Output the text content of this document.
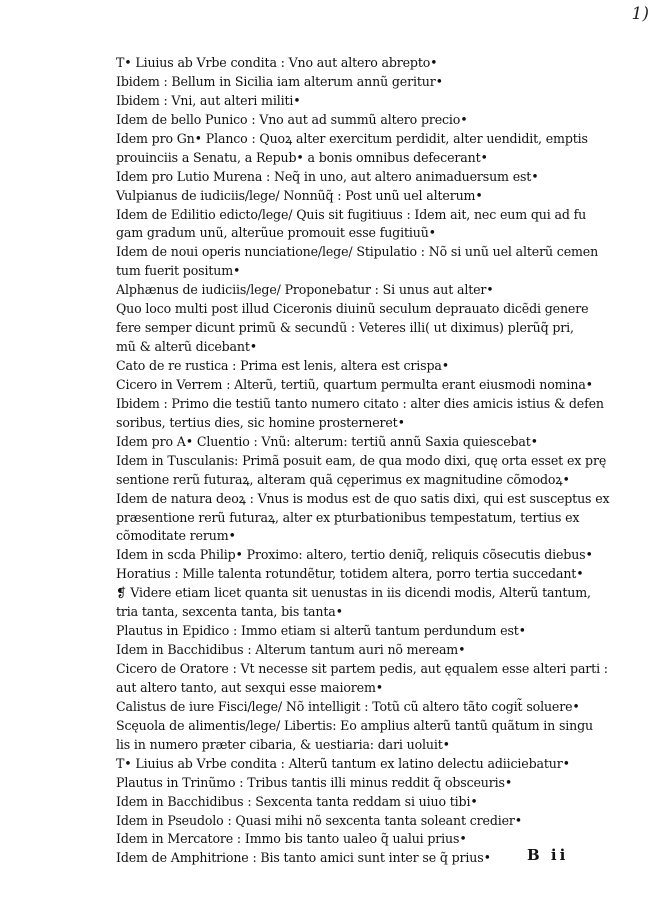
1)
T• Liuius ab Vrbe condita : Vno aut altero abrepto•
Ibidem : Bellum in Sicilia iam alterum annũ geritur•
Ibidem : Vni, aut alteri militi•
Idem de bello Punico : Vno aut ad summũ altero precio•
Idem pro Gn• Planco : Quoꝝ alter exercitum perdidit, alter uendidit, emptis
prouinciis a Senatu, a Repub• a bonis omnibus defecerant•
Idem pro Lutio Murena : Neq̃ in uno, aut altero animaduersum est•
Vulpianus de iudiciis/lege/ Nonnũq̃ : Post unũ uel alterum•
Idem de Edilitio edicto/lege/ Quis sit fugitiuus : Idem ait, nec eum qui ad fu
gam gradum unũ, alterũue promouit esse fugitiuũ•
Idem de noui operis nunciatione/lege/ Stipulatio : Nõ si unũ uel alterũ cemen
tum fuerit positum•
Alphænus de iudiciis/lege/ Proponebatur : Si unus aut alter•
Quo loco multi post illud Ciceronis diuinũ seculum deprauato dicẽdi genere
fere semper dicunt primũ & secundũ : Veteres illi( ut diximus) plerũq̃ pri,
mũ & alterũ dicebant•
Cato de re rustica : Prima est lenis, altera est crispa•
Cicero in Verrem : Alterũ, tertiũ, quartum permulta erant eiusmodi nomina•
Ibidem : Primo die testiũ tanto numero citato : alter dies amicis istius & defen
soribus, tertius dies, sic homine prosterneret•
Idem pro A• Cluentio : Vnũ: alterum: tertiũ annũ Saxia quiescebat•
Idem in Tusculanis: Primã posuit eam, de qua modo dixi, quę orta esset ex prę
sentione rerũ futuraꝝ, alteram quã cęperimus ex magnitudine cõmodoꝝ•
Idem de natura deoꝝ : Vnus is modus est de quo satis dixi, qui est susceptus ex
præsentione rerũ futuraꝝ, alter ex pturbationibus tempestatum, tertius ex
cõmoditate rerum•
Idem in scda Philip• Proximo: altero, tertio deniq̃, reliquis cõsecutis diebus•
Horatius : Mille talenta rotundẽtur, totidem altera, porro tertia succedant•
❡ Videre etiam licet quanta sit uenustas in iis dicendi modis, Alterũ tantum,
tria tanta, sexcenta tanta, bis tanta•
Plautus in Epidico : Immo etiam si alterũ tantum perdundum est•
Idem in Bacchidibus : Alterum tantum auri nõ meream•
Cicero de Oratore : Vt necesse sit partem pedis, aut ęqualem esse alteri parti :
aut altero tanto, aut sexqui esse maiorem•
Calistus de iure Fisci/lege/ Nõ intelligit : Totũ cũ altero tãto cogit̃ soluere•
Scęuola de alimentis/lege/ Libertis: Eo amplius alterũ tantũ quãtum in singu
lis in numero præter cibaria, & uestiaria: dari uoluit•
T• Liuius ab Vrbe condita : Alterũ tantum ex latino delectu adiiciebatur•
Plautus in Trinũmo : Tribus tantis illi minus reddit q̃ obsceuris•
Idem in Bacchidibus : Sexcenta tanta reddam si uiuo tibi•
Idem in Pseudolo : Quasi mihi nõ sexcenta tanta soleant credier•
Idem in Mercatore : Immo bis tanto ualeo q̃ ualui prius•
Idem de Amphitrione : Bis tanto amici sunt inter se q̃ prius•	B ii
